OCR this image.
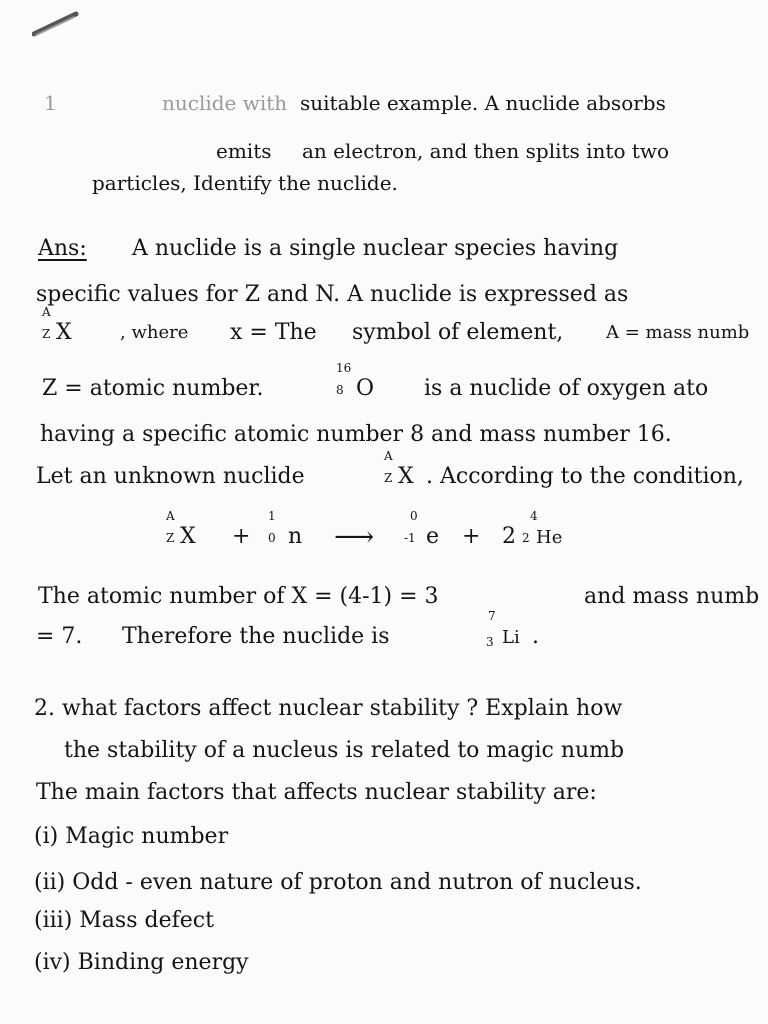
1	nuclide with suitable example. A nuclide absorbs
emits an electron, and then splits into two
particles, Identify the nuclide.
Ans: A nuclide is a single nuclear species having
specific values for Z and N. A nuclide is expressed as
A
Z X	, where x = The symbol of element, A = mass numb
Z = atomic number.
16
8 O is a nuclide of oxygen ato
having a specific atomic number 8 and mass number 16.
Let an unknown nuclide
A
Z X . According to the condition,
A
Z X +
1
0 n ⟶
0
-1 e + 2
4
2 He
The atomic number of X = (4-1) = 3	and mass numb
= 7. Therefore the nuclide is
7
3 Li .
2. what factors affect nuclear stability ? Explain how
the stability of a nucleus is related to magic numb
The main factors that affects nuclear stability are:
(i) Magic number
(ii) Odd - even nature of proton and nutron of nucleus.
(iii) Mass defect
(iv) Binding energy
